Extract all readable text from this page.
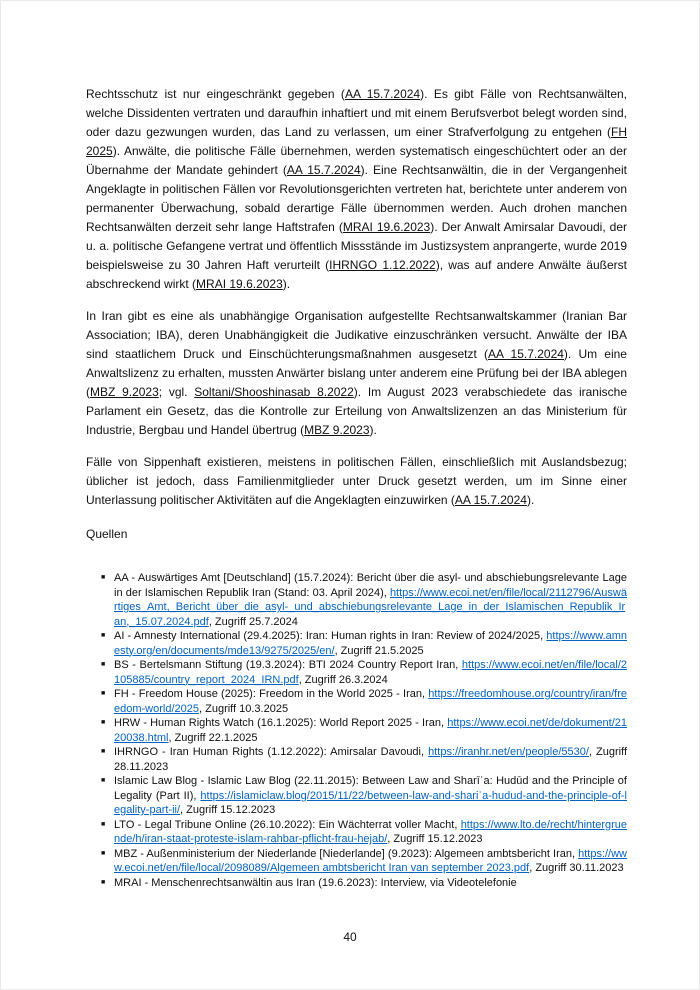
Rechtsschutz ist nur eingeschränkt gegeben (AA 15.7.2024). Es gibt Fälle von Rechtsanwälten, welche Dissidenten vertraten und daraufhin inhaftiert und mit einem Berufsverbot belegt worden sind, oder dazu gezwungen wurden, das Land zu verlassen, um einer Strafverfolgung zu entgehen (FH 2025). Anwälte, die politische Fälle übernehmen, werden systematisch eingeschüchtert oder an der Übernahme der Mandate gehindert (AA 15.7.2024). Eine Rechtsanwältin, die in der Vergangenheit Angeklagte in politischen Fällen vor Revolutionsgerichten vertreten hat, berichtete unter anderem von permanenter Überwachung, sobald derartige Fälle übernommen werden. Auch drohen manchen Rechtsanwälten derzeit sehr lange Haftstrafen (MRAI 19.6.2023). Der Anwalt Amirsalar Davoudi, der u. a. politische Gefangene vertrat und öffentlich Missstände im Justizsystem anprangerte, wurde 2019 beispielsweise zu 30 Jahren Haft verurteilt (IHRNGO 1.12.2022), was auf andere Anwälte äußerst abschreckend wirkt (MRAI 19.6.2023).

In Iran gibt es eine als unabhängige Organisation aufgestellte Rechtsanwaltskammer (Iranian Bar Association; IBA), deren Unabhängigkeit die Judikative einzuschränken versucht. Anwälte der IBA sind staatlichem Druck und Einschüchterungsmaßnahmen ausgesetzt (AA 15.7.2024). Um eine Anwaltslizenz zu erhalten, mussten Anwärter bislang unter anderem eine Prüfung bei der IBA ablegen (MBZ 9.2023; vgl. Soltani/Shooshinasab 8.2022). Im August 2023 verabschiedete das iranische Parlament ein Gesetz, das die Kontrolle zur Erteilung von Anwaltslizenzen an das Ministerium für Industrie, Bergbau und Handel übertrug (MBZ 9.2023).

Fälle von Sippenhaft existieren, meistens in politischen Fällen, einschließlich mit Auslandsbezug; üblicher ist jedoch, dass Familienmitglieder unter Druck gesetzt werden, um im Sinne einer Unterlassung politischer Aktivitäten auf die Angeklagten einzuwirken (AA 15.7.2024).

Quellen
■ AA - Auswärtiges Amt [Deutschland] (15.7.2024): Bericht über die asyl- und abschiebungsrelevante Lage in der Islamischen Republik Iran (Stand: 03. April 2024), https://www.ecoi.net/en/file/local/2112796/Auswärtiges_Amt,_Bericht_über_die_asyl-_und_abschiebungsrelevante_Lage_in_der_Islamischen_Republik_Iran,_15.07.2024.pdf, Zugriff 25.7.2024
■ AI - Amnesty International (29.4.2025): Iran: Human rights in Iran: Review of 2024/2025, https://www.amnesty.org/en/documents/mde13/9275/2025/en/, Zugriff 21.5.2025
■ BS - Bertelsmann Stiftung (19.3.2024): BTI 2024 Country Report Iran, https://www.ecoi.net/en/file/local/2105885/country_report_2024_IRN.pdf, Zugriff 26.3.2024
■ FH - Freedom House (2025): Freedom in the World 2025 - Iran, https://freedomhouse.org/country/iran/freedom-world/2025, Zugriff 10.3.2025
■ HRW - Human Rights Watch (16.1.2025): World Report 2025 - Iran, https://www.ecoi.net/de/dokument/2120038.html, Zugriff 22.1.2025
■ IHRNGO - Iran Human Rights (1.12.2022): Amirsalar Davoudi, https://iranhr.net/en/people/5530/, Zugriff 28.11.2023
■ Islamic Law Blog - Islamic Law Blog (22.11.2015): Between Law and Sharīʿa: Hudūd and the Principle of Legality (Part II), https://islamiclaw.blog/2015/11/22/between-law-and-shariʿa-hudud-and-the-principle-of-legality-part-ii/, Zugriff 15.12.2023
■ LTO - Legal Tribune Online (26.10.2022): Ein Wächterrat voller Macht, https://www.lto.de/recht/hintergruende/h/iran-staat-proteste-islam-rahbar-pflicht-frau-hejab/, Zugriff 15.12.2023
■ MBZ - Außenministerium der Niederlande [Niederlande] (9.2023): Algemeen ambtsbericht Iran, https://www.ecoi.net/en/file/local/2098089/Algemeen ambtsbericht Iran van september 2023.pdf, Zugriff 30.11.2023
■ MRAI - Menschenrechtsanwältin aus Iran (19.6.2023): Interview, via Videotelefonie
40
